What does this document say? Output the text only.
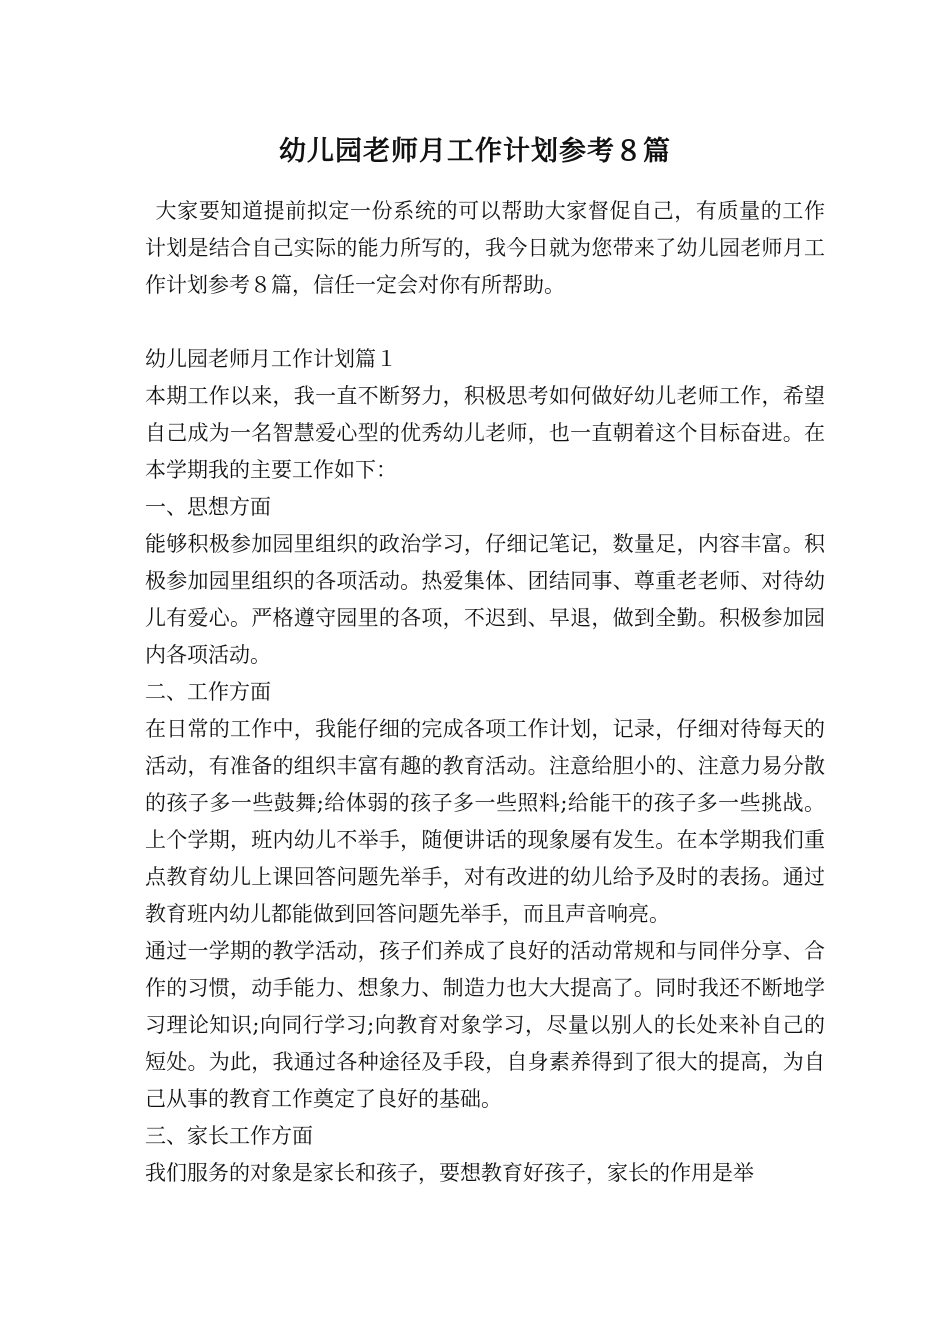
幼儿园老师月工作计划参考８篇

大家要知道提前拟定一份系统的可以帮助大家督促自己，有质量的工作计划是结合自己实际的能力所写的，我今日就为您带来了幼儿园老师月工作计划参考８篇，信任一定会对你有所帮助。

幼儿园老师月工作计划篇１

本期工作以来，我一直不断努力，积极思考如何做好幼儿老师工作，希望自己成为一名智慧爱心型的优秀幼儿老师，也一直朝着这个目标奋进。在本学期我的主要工作如下：

一、思想方面

能够积极参加园里组织的政治学习，仔细记笔记，数量足，内容丰富。积极参加园里组织的各项活动。热爱集体、团结同事、尊重老老师、对待幼儿有爱心。严格遵守园里的各项，不迟到、早退，做到全勤。积极参加园内各项活动。

二、工作方面

在日常的工作中，我能仔细的完成各项工作计划，记录，仔细对待每天的活动，有准备的组织丰富有趣的教育活动。注意给胆小的、注意力易分散的孩子多一些鼓舞;给体弱的孩子多一些照料;给能干的孩子多一些挑战。上个学期，班内幼儿不举手，随便讲话的现象屡有发生。在本学期我们重点教育幼儿上课回答问题先举手，对有改进的幼儿给予及时的表扬。通过教育班内幼儿都能做到回答问题先举手，而且声音响亮。

通过一学期的教学活动，孩子们养成了良好的活动常规和与同伴分享、合作的习惯，动手能力、想象力、制造力也大大提高了。同时我还不断地学习理论知识;向同行学习;向教育对象学习，尽量以别人的长处来补自己的短处。为此，我通过各种途径及手段，自身素养得到了很大的提高，为自己从事的教育工作奠定了良好的基础。

三、家长工作方面

我们服务的对象是家长和孩子，要想教育好孩子，家长的作用是举
